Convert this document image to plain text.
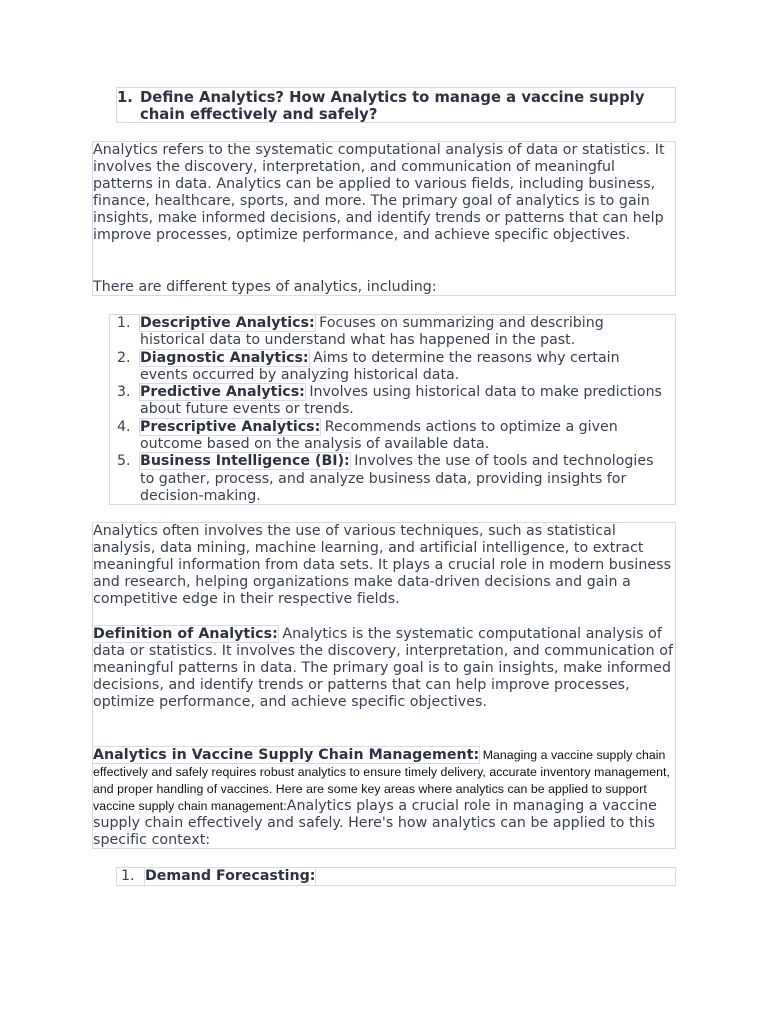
1. Define Analytics? How Analytics to manage a vaccine supply chain effectively and safely?

Analytics refers to the systematic computational analysis of data or statistics. It involves the discovery, interpretation, and communication of meaningful patterns in data. Analytics can be applied to various fields, including business, finance, healthcare, sports, and more. The primary goal of analytics is to gain insights, make informed decisions, and identify trends or patterns that can help improve processes, optimize performance, and achieve specific objectives.

There are different types of analytics, including:

1. Descriptive Analytics: Focuses on summarizing and describing historical data to understand what has happened in the past.
2. Diagnostic Analytics: Aims to determine the reasons why certain events occurred by analyzing historical data.
3. Predictive Analytics: Involves using historical data to make predictions about future events or trends.
4. Prescriptive Analytics: Recommends actions to optimize a given outcome based on the analysis of available data.
5. Business Intelligence (BI): Involves the use of tools and technologies to gather, process, and analyze business data, providing insights for decision-making.

Analytics often involves the use of various techniques, such as statistical analysis, data mining, machine learning, and artificial intelligence, to extract meaningful information from data sets. It plays a crucial role in modern business and research, helping organizations make data-driven decisions and gain a competitive edge in their respective fields.

Definition of Analytics: Analytics is the systematic computational analysis of data or statistics. It involves the discovery, interpretation, and communication of meaningful patterns in data. The primary goal is to gain insights, make informed decisions, and identify trends or patterns that can help improve processes, optimize performance, and achieve specific objectives.

Analytics in Vaccine Supply Chain Management: Managing a vaccine supply chain effectively and safely requires robust analytics to ensure timely delivery, accurate inventory management, and proper handling of vaccines. Here are some key areas where analytics can be applied to support vaccine supply chain management:Analytics plays a crucial role in managing a vaccine supply chain effectively and safely. Here's how analytics can be applied to this specific context:

1. Demand Forecasting:
